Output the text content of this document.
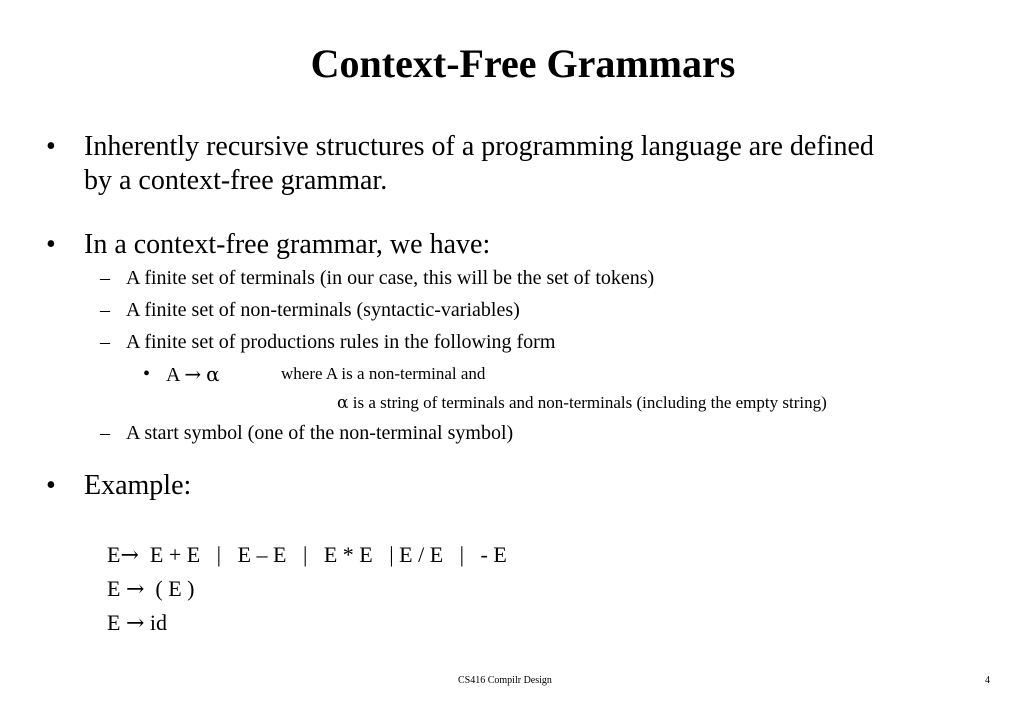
Context-Free Grammars
• Inherently recursive structures of a programming language are defined
by a context-free grammar.
• In a context-free grammar, we have:
– A finite set of terminals (in our case, this will be the set of tokens)
– A finite set of non-terminals (syntactic-variables)
– A finite set of productions rules in the following form
• A → α	where A is a non-terminal and
α is a string of terminals and non-terminals (including the empty string)
– A start symbol (one of the non-terminal symbol)
• Example:

E→ E + E   |   E – E   |   E * E   | E / E   |   - E

E → ( E )

E → id

CS416 Compilr Design	4
